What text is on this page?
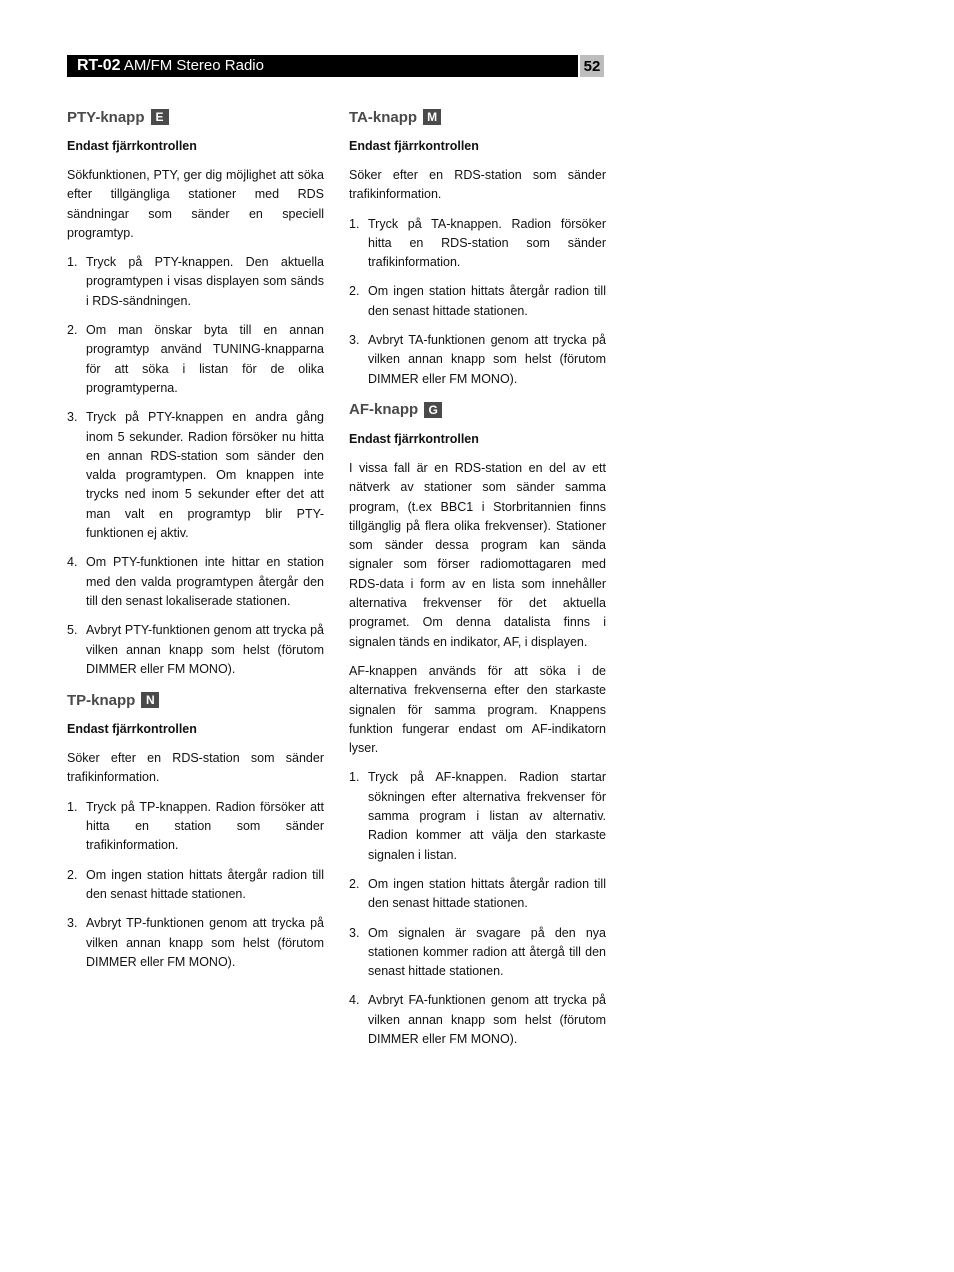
RT-02 AM/FM Stereo Radio	52
PTY-knapp E
Endast fjärrkontrollen

Sökfunktionen, PTY, ger dig möjlighet att söka efter tillgängliga stationer med RDS sändningar som sänder en speciell programtyp.

1. Tryck på PTY-knappen. Den aktuella programtypen i visas displayen som sänds i RDS-sändningen.
2. Om man önskar byta till en annan programtyp använd TUNING-knapparna för att söka i listan för de olika programtyperna.
3. Tryck på PTY-knappen en andra gång inom 5 sekunder. Radion försöker nu hitta en annan RDS-station som sänder den valda programtypen. Om knappen inte trycks ned inom 5 sekunder efter det att man valt en programtyp blir PTY-funktionen ej aktiv.
4. Om PTY-funktionen inte hittar en station med den valda programtypen återgår den till den senast lokaliserade stationen.
5. Avbryt PTY-funktionen genom att trycka på vilken annan knapp som helst (förutom DIMMER eller FM MONO).
TP-knapp N
Endast fjärrkontrollen

Söker efter en RDS-station som sänder trafikinformation.

1. Tryck på TP-knappen. Radion försöker att hitta en station som sänder trafikinformation.
2. Om ingen station hittats återgår radion till den senast hittade stationen.
3. Avbryt TP-funktionen genom att trycka på vilken annan knapp som helst (förutom DIMMER eller FM MONO).
TA-knapp M
Endast fjärrkontrollen

Söker efter en RDS-station som sänder trafikinformation.

1. Tryck på TA-knappen. Radion försöker hitta en RDS-station som sänder trafikinformation.
2. Om ingen station hittats återgår radion till den senast hittade stationen.
3. Avbryt TA-funktionen genom att trycka på vilken annan knapp som helst (förutom DIMMER eller FM MONO).
AF-knapp G
Endast fjärrkontrollen

I vissa fall är en RDS-station en del av ett nätverk av stationer som sänder samma program, (t.ex BBC1 i Storbritannien finns tillgänglig på flera olika frekvenser). Stationer som sänder dessa program kan sända signaler som förser radiomottagaren med RDS-data i form av en lista som innehåller alternativa frekvenser för det aktuella programet. Om denna datalista finns i signalen tänds en indikator, AF, i displayen.

AF-knappen används för att söka i de alternativa frekvenserna efter den starkaste signalen för samma program. Knappens funktion fungerar endast om AF-indikatorn lyser.

1. Tryck på AF-knappen. Radion startar sökningen efter alternativa frekvenser för samma program i listan av alternativ. Radion kommer att välja den starkaste signalen i listan.
2. Om ingen station hittats återgår radion till den senast hittade stationen.
3. Om signalen är svagare på den nya stationen kommer radion att återgå till den senast hittade stationen.
4. Avbryt FA-funktionen genom att trycka på vilken annan knapp som helst (förutom DIMMER eller FM MONO).
